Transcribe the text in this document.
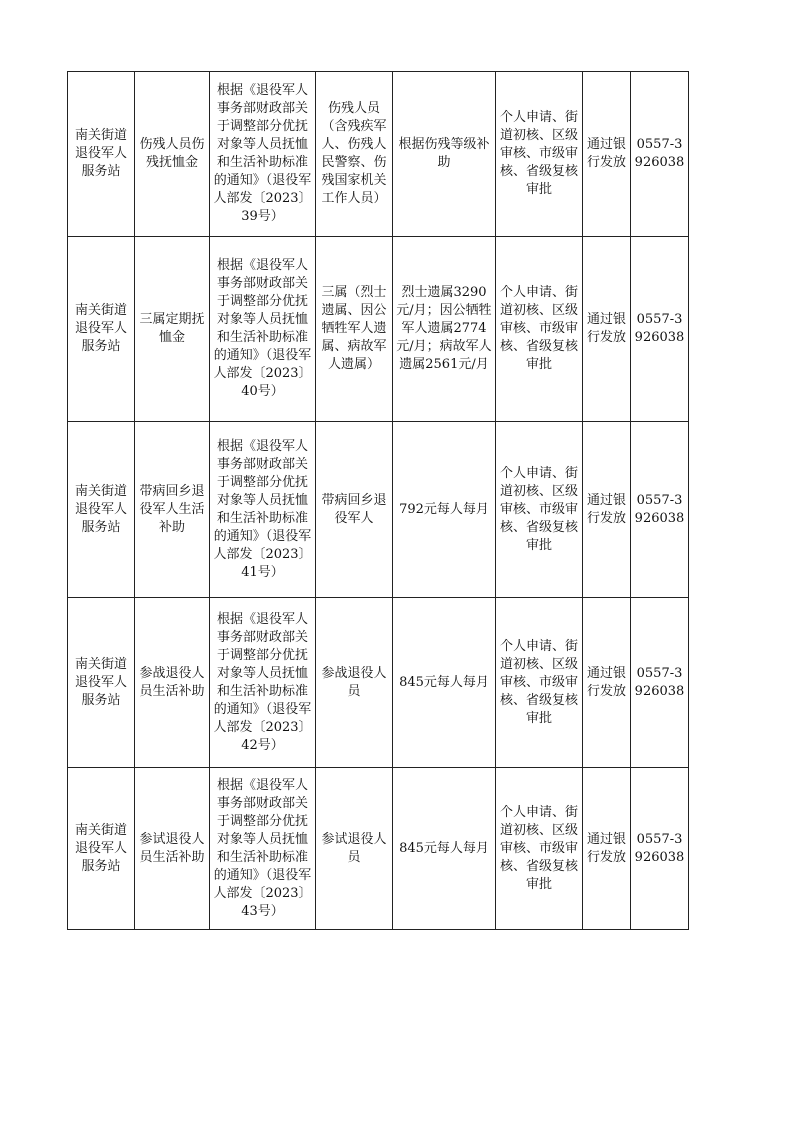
南关街道退役军人服务站	伤残人员伤残抚恤金	根据《退役军人事务部财政部关于调整部分优抚对象等人员抚恤和生活补助标准的通知》（退役军人部发〔2023〕39号）	伤残人员（含残疾军人、伤残人民警察、伤残国家机关工作人员）	根据伤残等级补助	个人申请、街道初核、区级审核、市级审核、省级复核审批	通过银行发放	0557-3926038
南关街道退役军人服务站	三属定期抚恤金	根据《退役军人事务部财政部关于调整部分优抚对象等人员抚恤和生活补助标准的通知》（退役军人部发〔2023〕40号）	三属（烈士遗属、因公牺牲军人遗属、病故军人遗属）	烈士遗属3290元/月；因公牺牲军人遗属2774元/月；病故军人遗属2561元/月	个人申请、街道初核、区级审核、市级审核、省级复核审批	通过银行发放	0557-3926038
南关街道退役军人服务站	带病回乡退役军人生活补助	根据《退役军人事务部财政部关于调整部分优抚对象等人员抚恤和生活补助标准的通知》（退役军人部发〔2023〕41号）	带病回乡退役军人	792元每人每月	个人申请、街道初核、区级审核、市级审核、省级复核审批	通过银行发放	0557-3926038
南关街道退役军人服务站	参战退役人员生活补助	根据《退役军人事务部财政部关于调整部分优抚对象等人员抚恤和生活补助标准的通知》（退役军人部发〔2023〕42号）	参战退役人员	845元每人每月	个人申请、街道初核、区级审核、市级审核、省级复核审批	通过银行发放	0557-3926038
南关街道退役军人服务站	参试退役人员生活补助	根据《退役军人事务部财政部关于调整部分优抚对象等人员抚恤和生活补助标准的通知》（退役军人部发〔2023〕43号）	参试退役人员	845元每人每月	个人申请、街道初核、区级审核、市级审核、省级复核审批	通过银行发放	0557-3926038
